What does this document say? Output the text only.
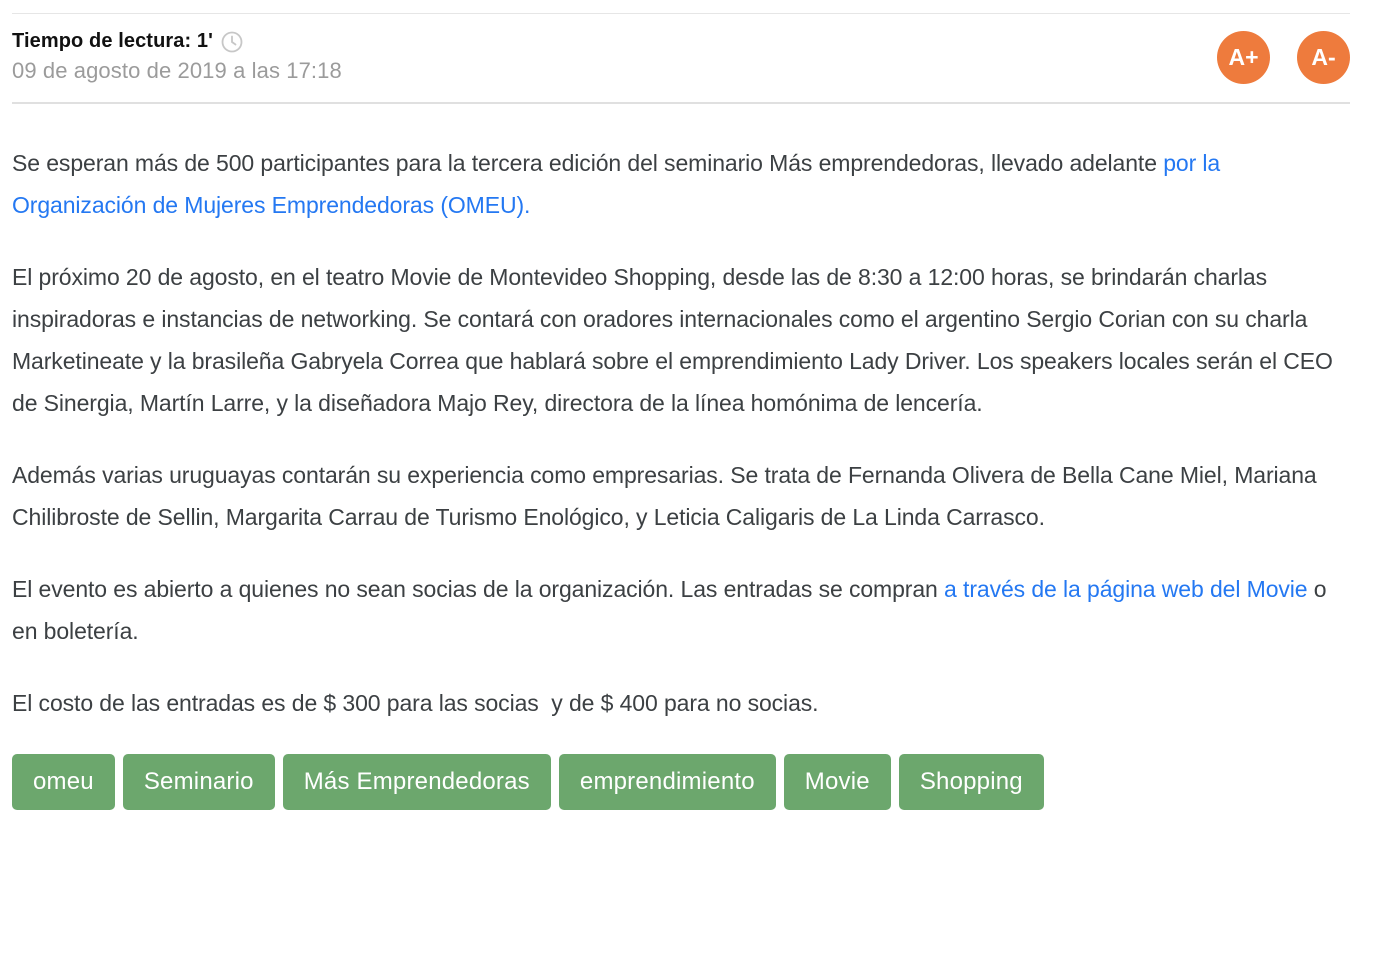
Tiempo de lectura: 1'
09 de agosto de 2019 a las 17:18
A+	A-

Se esperan más de 500 participantes para la tercera edición del seminario Más emprendedoras, llevado adelante por la Organización de Mujeres Emprendedoras (OMEU).

El próximo 20 de agosto, en el teatro Movie de Montevideo Shopping, desde las de 8:30 a 12:00 horas, se brindarán charlas inspiradoras e instancias de networking. Se contará con oradores internacionales como el argentino Sergio Corian con su charla Marketineate y la brasileña Gabryela Correa que hablará sobre el emprendimiento Lady Driver. Los speakers locales serán el CEO de Sinergia, Martín Larre, y la diseñadora Majo Rey, directora de la línea homónima de lencería.

Además varias uruguayas contarán su experiencia como empresarias. Se trata de Fernanda Olivera de Bella Cane Miel, Mariana Chilibroste de Sellin, Margarita Carrau de Turismo Enológico, y Leticia Caligaris de La Linda Carrasco.

El evento es abierto a quienes no sean socias de la organización. Las entradas se compran a través de la página web del Movie o en boletería.

El costo de las entradas es de $ 300 para las socias  y de $ 400 para no socias.

omeu	Seminario	Más Emprendedoras	emprendimiento	Movie	Shopping
